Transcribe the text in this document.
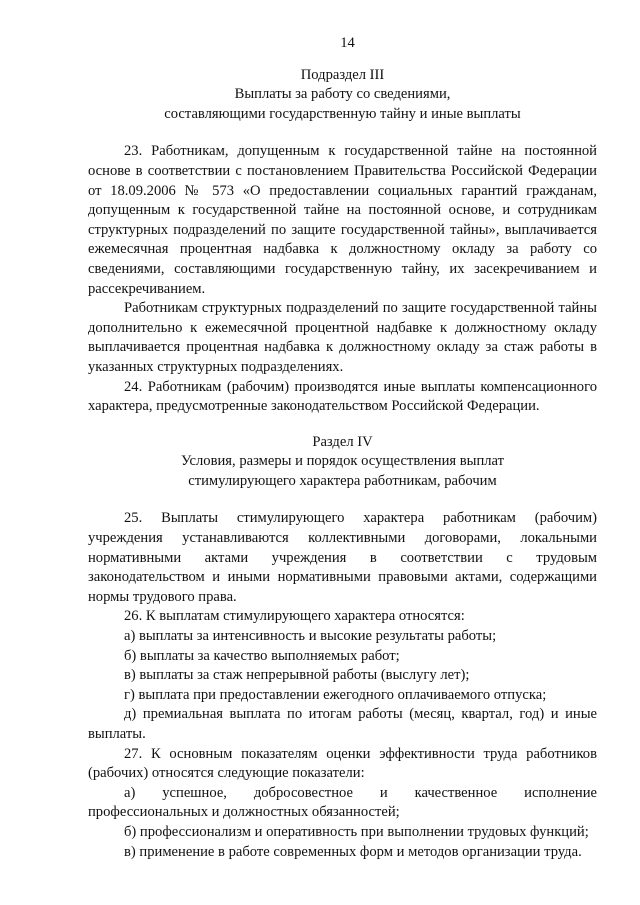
14

Подраздел III

Выплаты за работу со сведениями,

составляющими государственную тайну и иные выплаты

23. Работникам, допущенным к государственной тайне на постоянной основе в соответствии с постановлением Правительства Российской Федерации от 18.09.2006 № 573 «О предоставлении социальных гарантий гражданам, допущенным к государственной тайне на постоянной основе, и сотрудникам структурных подразделений по защите государственной тайны», выплачивается ежемесячная процентная надбавка к должностному окладу за работу со сведениями, составляющими государственную тайну, их засекречиванием и рассекречиванием.

Работникам структурных подразделений по защите государственной тайны дополнительно к ежемесячной процентной надбавке к должностному окладу выплачивается процентная надбавка к должностному окладу за стаж работы в указанных структурных подразделениях.

24. Работникам (рабочим) производятся иные выплаты компенсационного характера, предусмотренные законодательством Российской Федерации.

Раздел IV

Условия, размеры и порядок осуществления выплат

стимулирующего характера работникам, рабочим

25. Выплаты стимулирующего характера работникам (рабочим) учреждения устанавливаются коллективными договорами, локальными нормативными актами учреждения в соответствии с трудовым законодательством и иными нормативными правовыми актами, содержащими нормы трудового права.

26. К выплатам стимулирующего характера относятся:

а) выплаты за интенсивность и высокие результаты работы;

б) выплаты за качество выполняемых работ;

в) выплаты за стаж непрерывной работы (выслугу лет);

г) выплата при предоставлении ежегодного оплачиваемого отпуска;

д) премиальная выплата по итогам работы (месяц, квартал, год) и иные выплаты.

27. К основным показателям оценки эффективности труда работников (рабочих) относятся следующие показатели:

а) успешное, добросовестное и качественное исполнение профессиональных и должностных обязанностей;

б) профессионализм и оперативность при выполнении трудовых функций;

в) применение в работе современных форм и методов организации труда.
